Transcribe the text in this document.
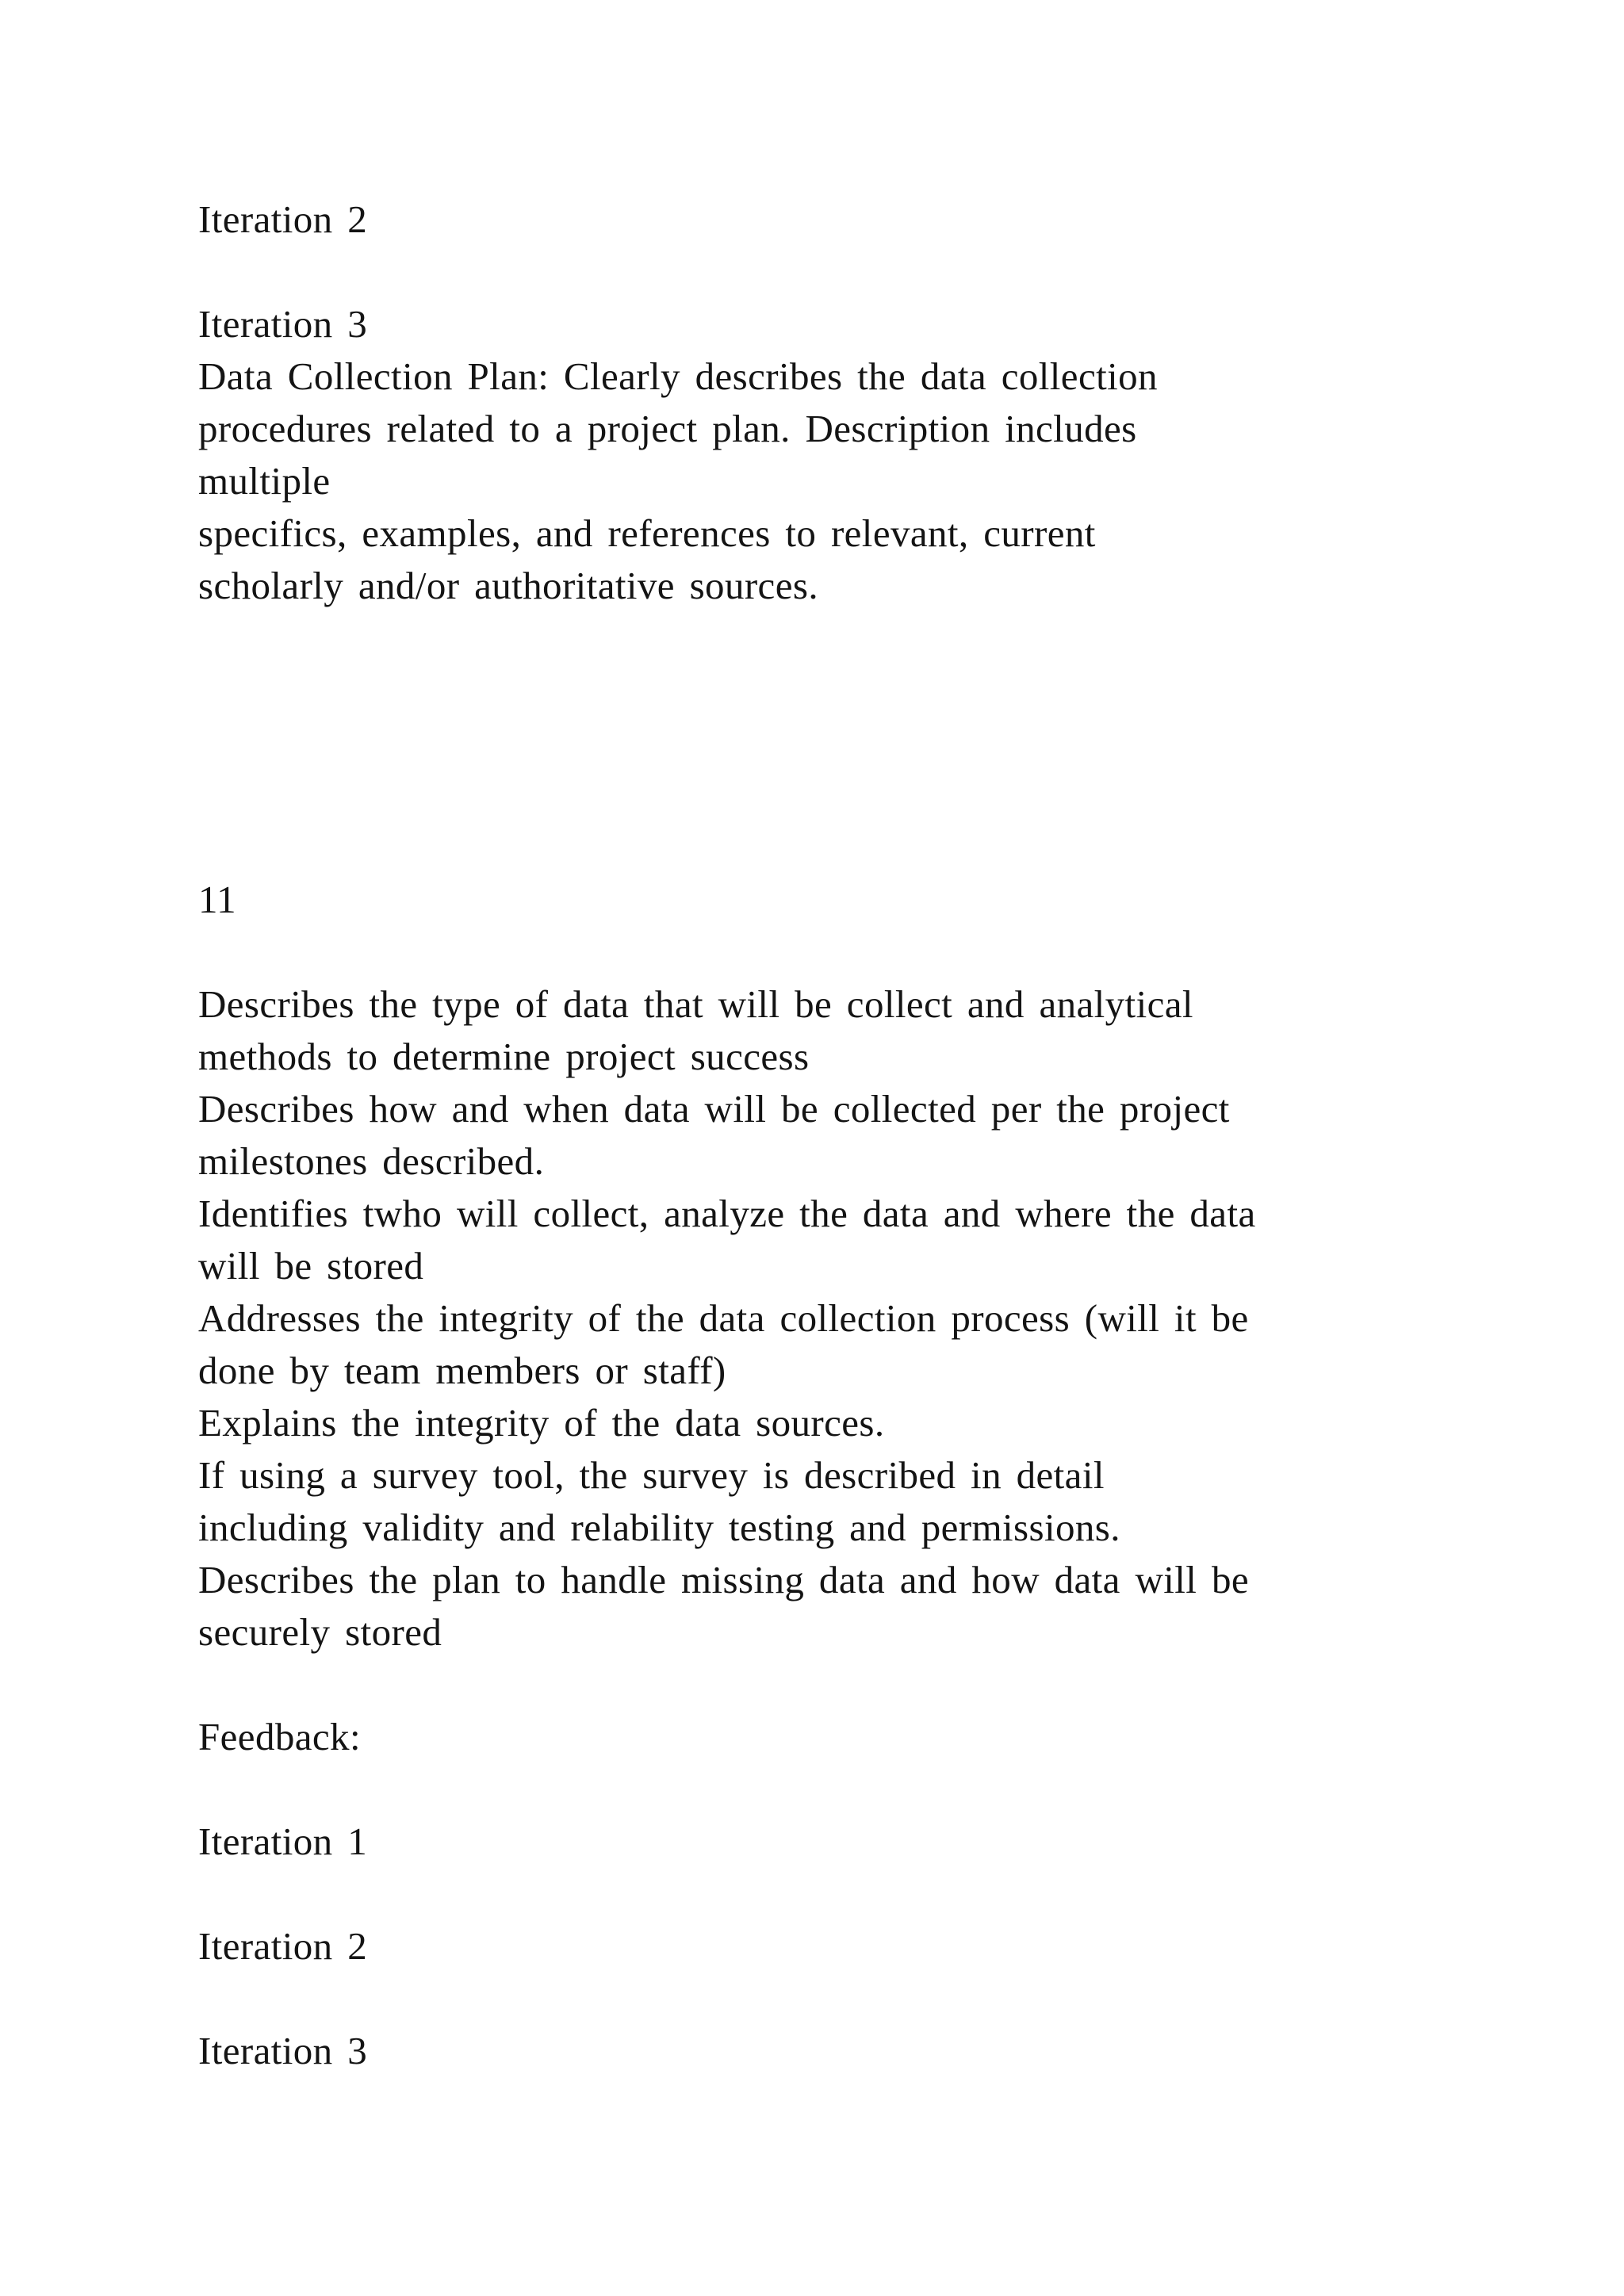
Iteration 2

Iteration 3

Data Collection Plan: Clearly describes the data collection

procedures related to a project plan. Description includes

multiple

specifics, examples, and references to relevant, current

scholarly and/or authoritative sources.

11

Describes the type of data that will be collect and analytical

methods to determine project success

Describes how and when data will be collected per the project

milestones described.

Identifies twho will collect, analyze the data and where the data

will be stored

Addresses the integrity of the data collection process (will it be

done by team members or staff)

Explains the integrity of the data sources.

If using a survey tool, the survey is described in detail

including validity and relability testing and permissions.

Describes the plan to handle missing data and how data will be

securely stored

Feedback:

Iteration 1

Iteration 2

Iteration 3
